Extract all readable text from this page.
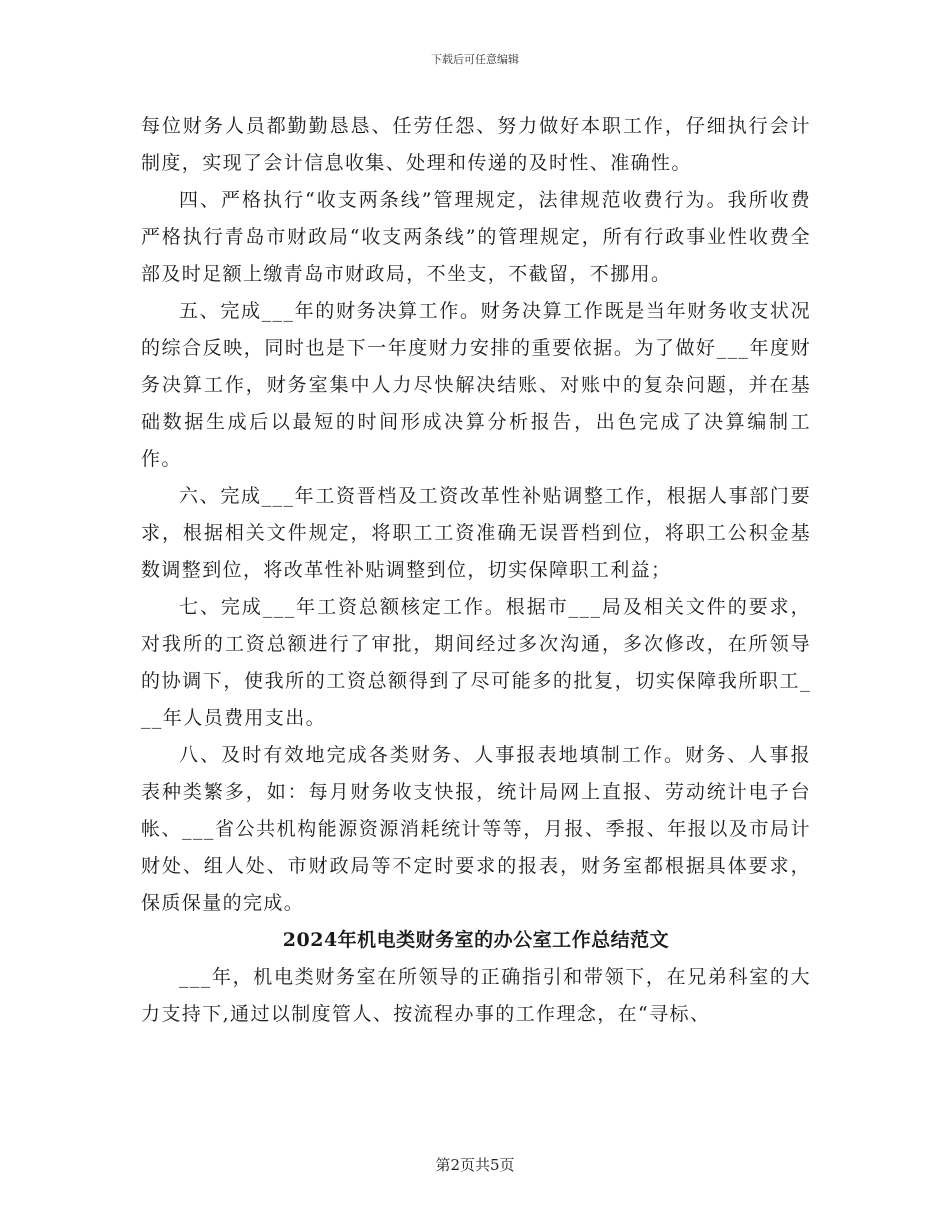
下载后可任意编辑

每位财务人员都勤勤恳恳、任劳任怨、努力做好本职工作，仔细执行会计制度，实现了会计信息收集、处理和传递的及时性、准确性。

四、严格执行“收支两条线”管理规定，法律规范收费行为。我所收费严格执行青岛市财政局“收支两条线”的管理规定，所有行政事业性收费全部及时足额上缴青岛市财政局，不坐支，不截留，不挪用。

五、完成___年的财务决算工作。财务决算工作既是当年财务收支状况的综合反映，同时也是下一年度财力安排的重要依据。为了做好___年度财务决算工作，财务室集中人力尽快解决结账、对账中的复杂问题，并在基础数据生成后以最短的时间形成决算分析报告，出色完成了决算编制工作。

六、完成___年工资晋档及工资改革性补贴调整工作，根据人事部门要求，根据相关文件规定，将职工工资准确无误晋档到位，将职工公积金基数调整到位，将改革性补贴调整到位，切实保障职工利益；

七、完成___年工资总额核定工作。根据市___局及相关文件的要求，对我所的工资总额进行了审批，期间经过多次沟通，多次修改，在所领导的协调下，使我所的工资总额得到了尽可能多的批复，切实保障我所职工___年人员费用支出。

八、及时有效地完成各类财务、人事报表地填制工作。财务、人事报表种类繁多，如：每月财务收支快报，统计局网上直报、劳动统计电子台帐、___省公共机构能源资源消耗统计等等，月报、季报、年报以及市局计财处、组人处、市财政局等不定时要求的报表，财务室都根据具体要求，保质保量的完成。

2024年机电类财务室的办公室工作总结范文

___年，机电类财务室在所领导的正确指引和带领下，在兄弟科室的大力支持下,通过以制度管人、按流程办事的工作理念，在“寻标、

第2页共5页
